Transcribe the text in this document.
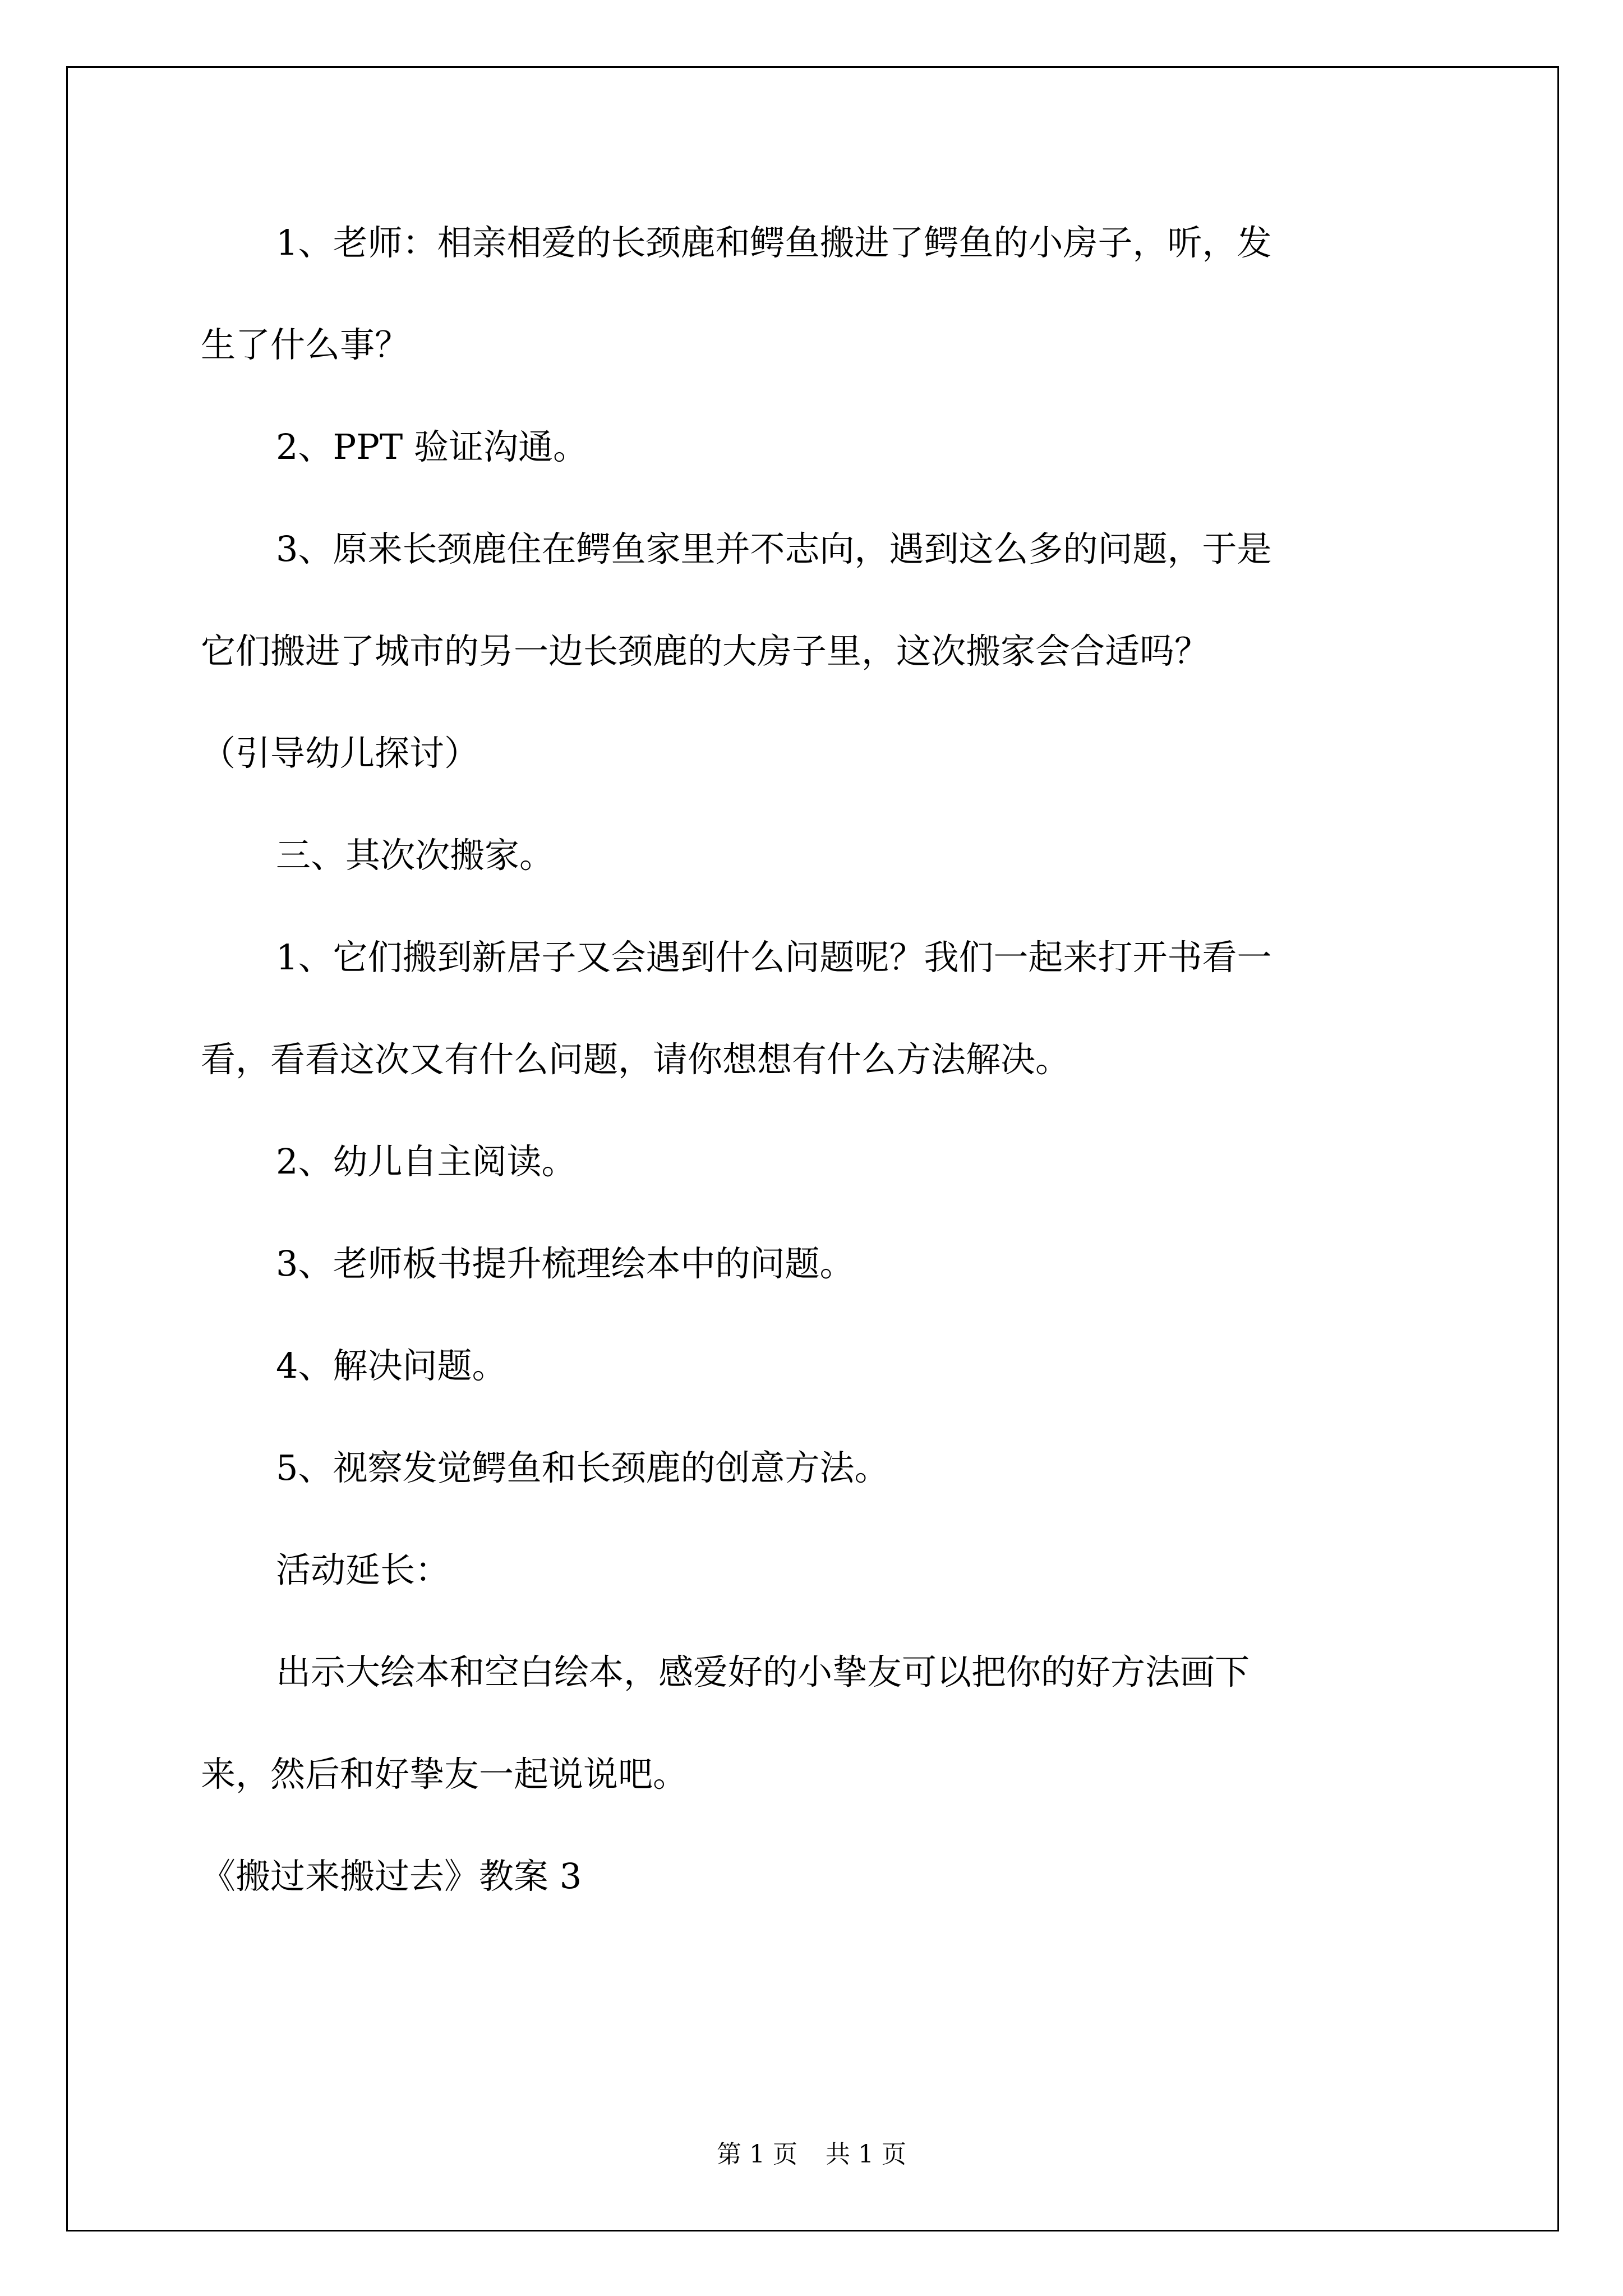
1、老师：相亲相爱的长颈鹿和鳄鱼搬进了鳄鱼的小房子，听，发

生了什么事？

2、PPT 验证沟通。

3、原来长颈鹿住在鳄鱼家里并不志向，遇到这么多的问题，于是

它们搬进了城市的另一边长颈鹿的大房子里，这次搬家会合适吗？

（引导幼儿探讨）

三、其次次搬家。

1、它们搬到新居子又会遇到什么问题呢？我们一起来打开书看一

看，看看这次又有什么问题，请你想想有什么方法解决。

2、幼儿自主阅读。

3、老师板书提升梳理绘本中的问题。

4、解决问题。

5、视察发觉鳄鱼和长颈鹿的创意方法。

活动延长：

出示大绘本和空白绘本，感爱好的小挚友可以把你的好方法画下

来，然后和好挚友一起说说吧。

《搬过来搬过去》教案 3

第 1 页 共 1 页
